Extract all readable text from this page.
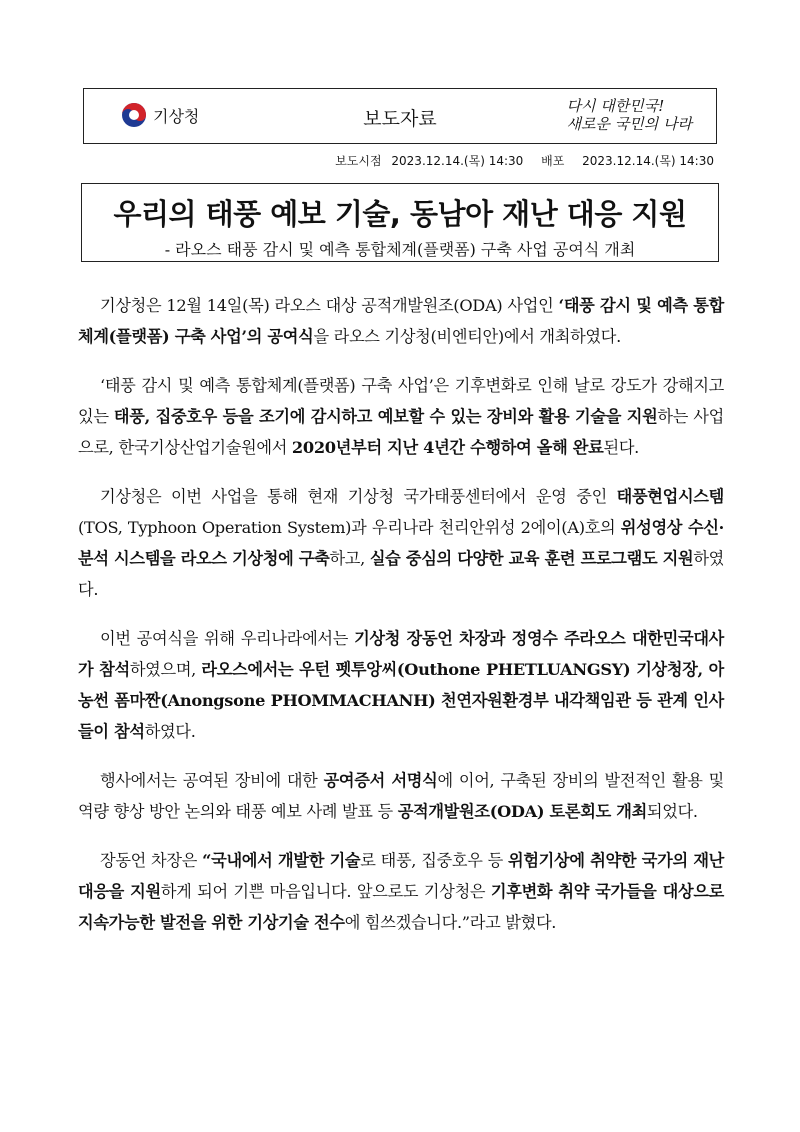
기상청	보도자료
다시 대한민국!
새로운 국민의 나라
보도시점 2023.12.14.(목) 14:30 배포 2023.12.14.(목) 14:30
우리의 태풍 예보 기술, 동남아 재난 대응 지원
- 라오스 태풍 감시 및 예측 통합체계(플랫폼) 구축 사업 공여식 개최

기상청은 12월 14일(목) 라오스 대상 공적개발원조(ODA) 사업인 ‘태풍 감시 및 예측 통합체계(플랫폼) 구축 사업’의 공여식을 라오스 기상청(비엔티안)에서 개최하였다.

‘태풍 감시 및 예측 통합체계(플랫폼) 구축 사업’은 기후변화로 인해 날로 강도가 강해지고 있는 태풍, 집중호우 등을 조기에 감시하고 예보할 수 있는 장비와 활용 기술을 지원하는 사업으로, 한국기상산업기술원에서 2020년부터 지난 4년간 수행하여 올해 완료된다.

기상청은 이번 사업을 통해 현재 기상청 국가태풍센터에서 운영 중인 태풍현업시스템(TOS, Typhoon Operation System)과 우리나라 천리안위성 2에이(A)호의 위성영상 수신·분석 시스템을 라오스 기상청에 구축하고, 실습 중심의 다양한 교육 훈련 프로그램도 지원하였다.

이번 공여식을 위해 우리나라에서는 기상청 장동언 차장과 정영수 주라오스 대한민국대사가 참석하였으며, 라오스에서는 우턴 펫투앙씨(Outhone PHETLUANGSY) 기상청장, 아농썬 폼마짠(Anongsone PHOMMACHANH) 천연자원환경부 내각책임관 등 관계 인사들이 참석하였다.

행사에서는 공여된 장비에 대한 공여증서 서명식에 이어, 구축된 장비의 발전적인 활용 및 역량 향상 방안 논의와 태풍 예보 사례 발표 등 공적개발원조(ODA) 토론회도 개최되었다.

장동언 차장은 “국내에서 개발한 기술로 태풍, 집중호우 등 위험기상에 취약한 국가의 재난 대응을 지원하게 되어 기쁜 마음입니다. 앞으로도 기상청은 기후변화 취약 국가들을 대상으로 지속가능한 발전을 위한 기상기술 전수에 힘쓰겠습니다.”라고 밝혔다.
